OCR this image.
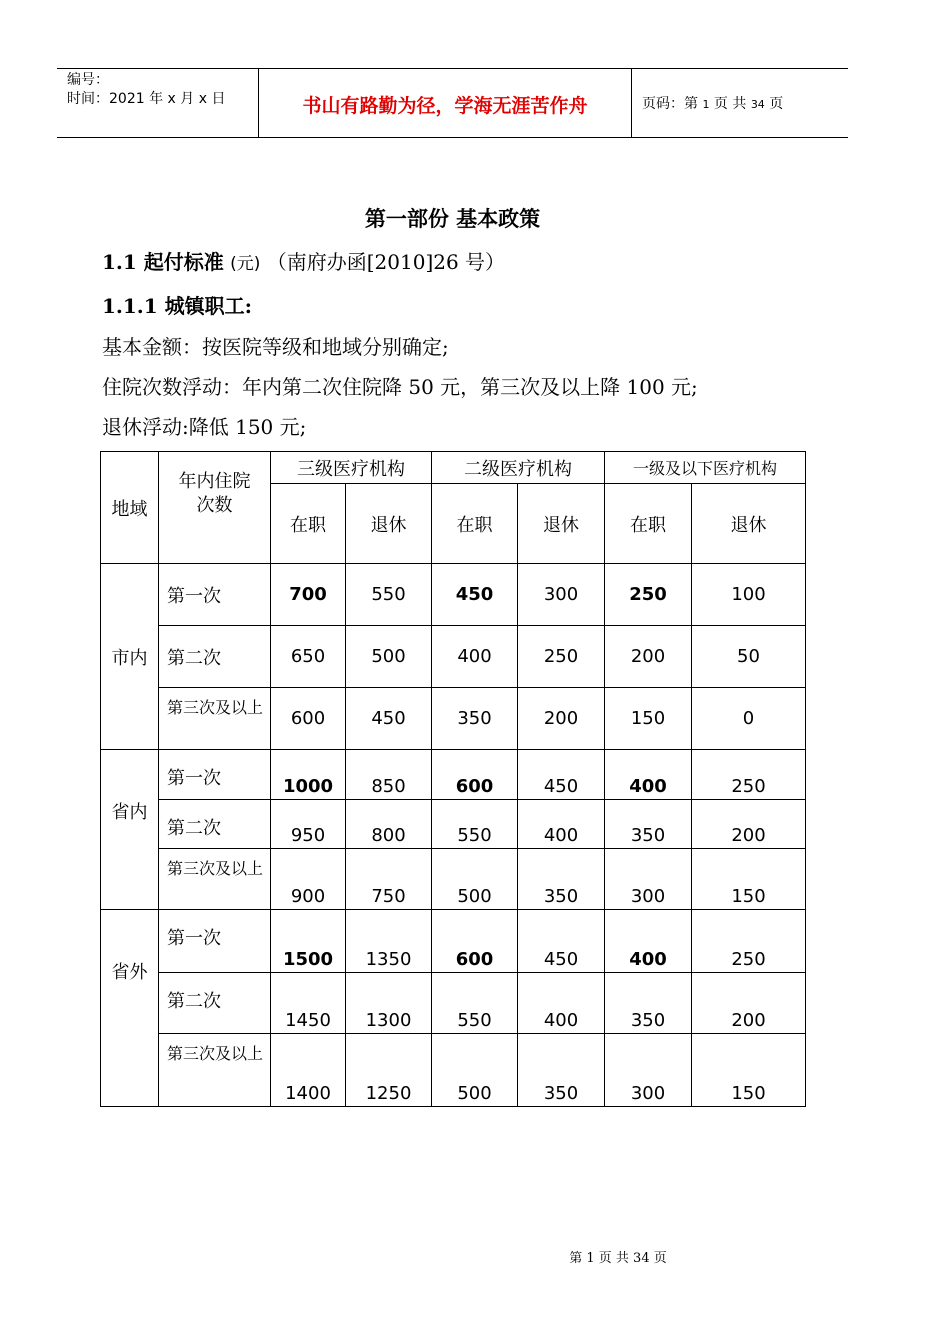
编号：
时间：2021 年 x 月 x 日	书山有路勤为径，学海无涯苦作舟	页码：第 1 页 共 34 页
第一部份 基本政策
1.1 起付标准 (元) （南府办函[2010]26 号）
1.1.1 城镇职工:
基本金额：按医院等级和地域分别确定;
住院次数浮动：年内第二次住院降 50 元，第三次及以上降 100 元;
退休浮动:降低 150 元;
地域	年内住院次数	三级医疗机构		二级医疗机构		一级及以下医疗机构	
		在职	退休	在职	退休	在职	退休
市内	第一次	700	550	450	300	250	100
	第二次	650	500	400	250	200	50
	第三次及以上	600	450	350	200	150	0
省内	第一次	1000	850	600	450	400	250
	第二次	950	800	550	400	350	200
	第三次及以上	900	750	500	350	300	150
省外	第一次	1500	1350	600	450	400	250
	第二次	1450	1300	550	400	350	200
	第三次及以上	1400	1250	500	350	300	150
第 1 页 共 34 页
